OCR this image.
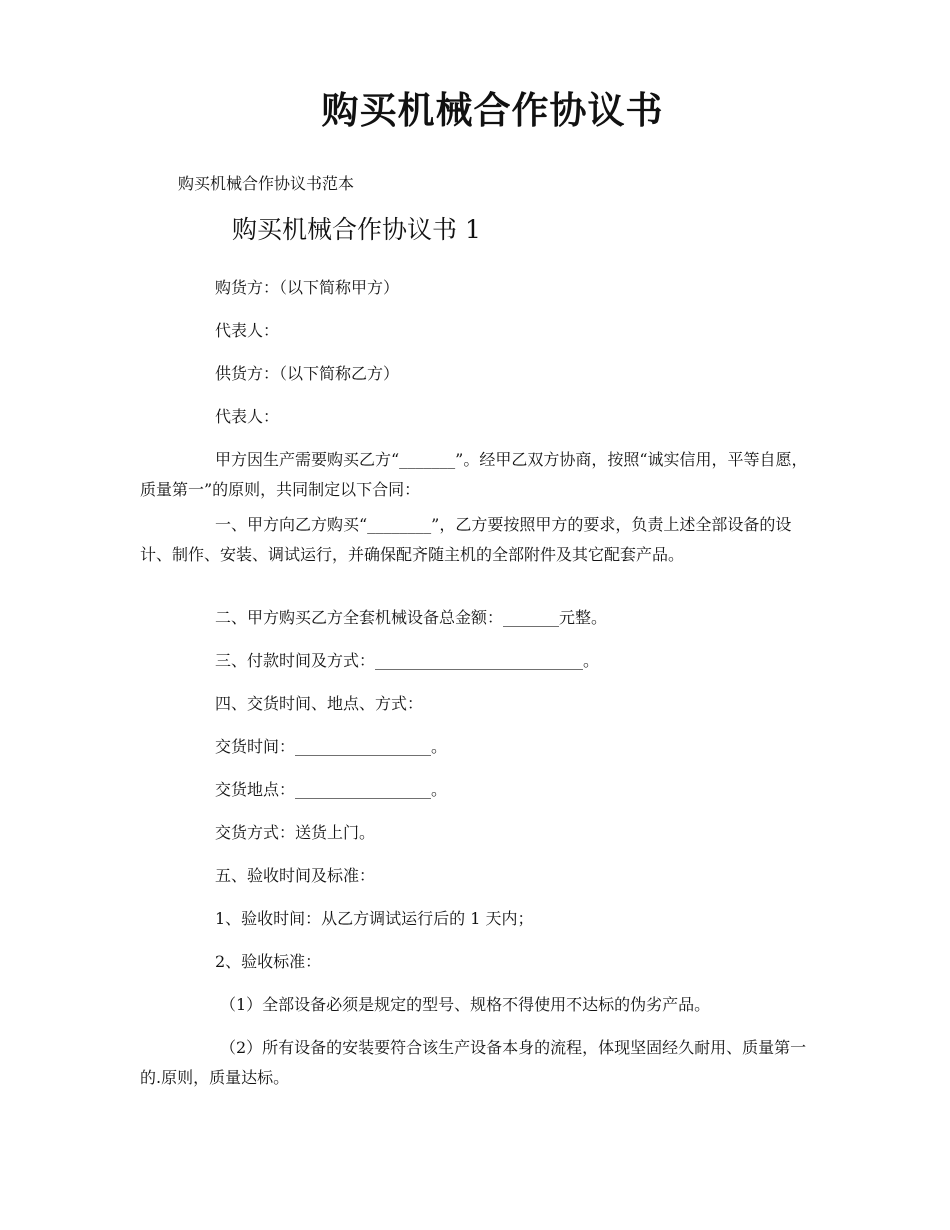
购买机械合作协议书
购买机械合作协议书范本
购买机械合作协议书 1
购货方：（以下简称甲方）
代表人：
供货方：（以下简称乙方）
代表人：
甲方因生产需要购买乙方“_______”。经甲乙双方协商，按照“诚实信用，平等自愿，质量第一”的原则，共同制定以下合同：
一、甲方向乙方购买“________”，乙方要按照甲方的要求，负责上述全部设备的设计、制作、安装、调试运行，并确保配齐随主机的全部附件及其它配套产品。
二、甲方购买乙方全套机械设备总金额：_______元整。
三、付款时间及方式：__________________________。
四、交货时间、地点、方式：
交货时间：_________________。
交货地点：_________________。
交货方式：送货上门。
五、验收时间及标准：
1、验收时间：从乙方调试运行后的 1 天内；
2、验收标准：
（1）全部设备必须是规定的型号、规格不得使用不达标的伪劣产品。
（2）所有设备的安装要符合该生产设备本身的流程，体现坚固经久耐用、质量第一的.原则，质量达标。
